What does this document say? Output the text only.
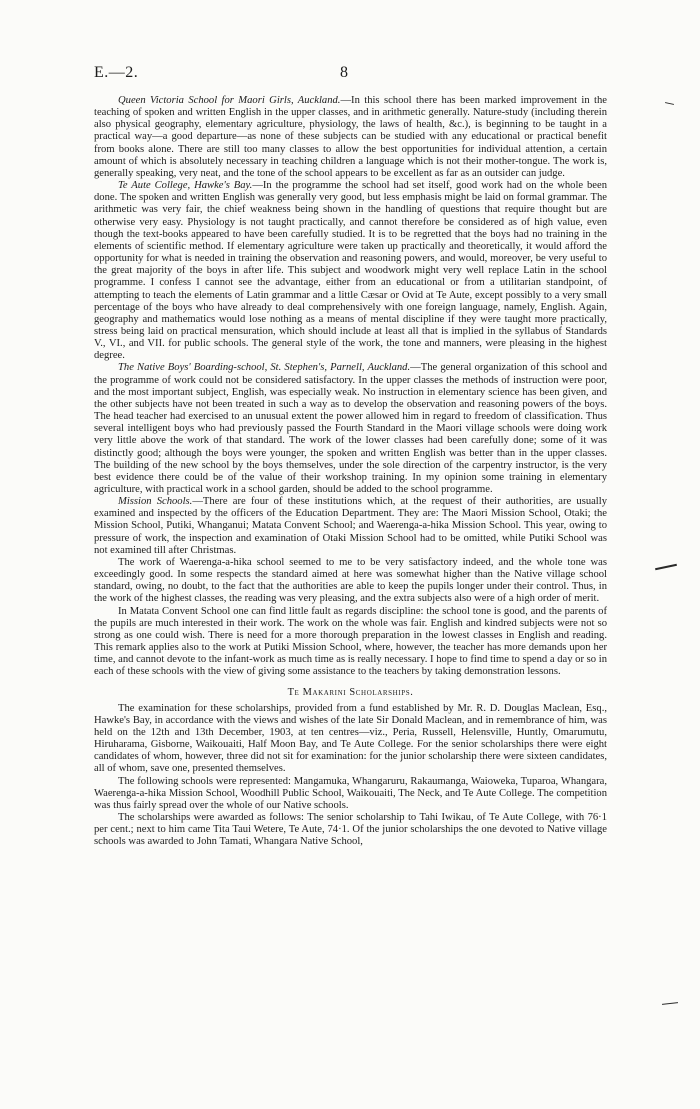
E.—2.	8

Queen Victoria School for Maori Girls, Auckland.—In this school there has been marked improvement in the teaching of spoken and written English in the upper classes, and in arithmetic generally. Nature-study (including therein also physical geography, elementary agriculture, physiology, the laws of health, &c.), is beginning to be taught in a practical way—a good departure—as none of these subjects can be studied with any educational or practical benefit from books alone. There are still too many classes to allow the best opportunities for individual attention, a certain amount of which is absolutely necessary in teaching children a language which is not their mother-tongue. The work is, generally speaking, very neat, and the tone of the school appears to be excellent as far as an outsider can judge.

Te Aute College, Hawke's Bay.—In the programme the school had set itself, good work had on the whole been done. The spoken and written English was generally very good, but less emphasis might be laid on formal grammar. The arithmetic was very fair, the chief weakness being shown in the handling of questions that require thought but are otherwise very easy. Physiology is not taught practically, and cannot therefore be considered as of high value, even though the text-books appeared to have been carefully studied. It is to be regretted that the boys had no training in the elements of scientific method. If elementary agriculture were taken up practically and theoretically, it would afford the opportunity for what is needed in training the observation and reasoning powers, and would, moreover, be very useful to the great majority of the boys in after life. This subject and woodwork might very well replace Latin in the school programme. I confess I cannot see the advantage, either from an educational or from a utilitarian standpoint, of attempting to teach the elements of Latin grammar and a little Cæsar or Ovid at Te Aute, except possibly to a very small percentage of the boys who have already to deal comprehensively with one foreign language, namely, English. Again, geography and mathematics would lose nothing as a means of mental discipline if they were taught more practically, stress being laid on practical mensuration, which should include at least all that is implied in the syllabus of Standards V., VI., and VII. for public schools. The general style of the work, the tone and manners, were pleasing in the highest degree.

The Native Boys' Boarding-school, St. Stephen's, Parnell, Auckland.—The general organization of this school and the programme of work could not be considered satisfactory. In the upper classes the methods of instruction were poor, and the most important subject, English, was especially weak. No instruction in elementary science has been given, and the other subjects have not been treated in such a way as to develop the observation and reasoning powers of the boys. The head teacher had exercised to an unusual extent the power allowed him in regard to freedom of classification. Thus several intelligent boys who had previously passed the Fourth Standard in the Maori village schools were doing work very little above the work of that standard. The work of the lower classes had been carefully done; some of it was distinctly good; although the boys were younger, the spoken and written English was better than in the upper classes. The building of the new school by the boys themselves, under the sole direction of the carpentry instructor, is the very best evidence there could be of the value of their workshop training. In my opinion some training in elementary agriculture, with practical work in a school garden, should be added to the school programme.

Mission Schools.—There are four of these institutions which, at the request of their authorities, are usually examined and inspected by the officers of the Education Department. They are: The Maori Mission School, Otaki; the Mission School, Putiki, Whanganui; Matata Convent School; and Waerenga-a-hika Mission School. This year, owing to pressure of work, the inspection and examination of Otaki Mission School had to be omitted, while Putiki School was not examined till after Christmas.

The work of Waerenga-a-hika school seemed to me to be very satisfactory indeed, and the whole tone was exceedingly good. In some respects the standard aimed at here was somewhat higher than the Native village school standard, owing, no doubt, to the fact that the authorities are able to keep the pupils longer under their control. Thus, in the work of the highest classes, the reading was very pleasing, and the extra subjects also were of a high order of merit.

In Matata Convent School one can find little fault as regards discipline: the school tone is good, and the parents of the pupils are much interested in their work. The work on the whole was fair. English and kindred subjects were not so strong as one could wish. There is need for a more thorough preparation in the lowest classes in English and reading. This remark applies also to the work at Putiki Mission School, where, however, the teacher has more demands upon her time, and cannot devote to the infant-work as much time as is really necessary. I hope to find time to spend a day or so in each of these schools with the view of giving some assistance to the teachers by taking demonstration lessons.

Te Makarini Scholarships.

The examination for these scholarships, provided from a fund established by Mr. R. D. Douglas Maclean, Esq., Hawke's Bay, in accordance with the views and wishes of the late Sir Donald Maclean, and in remembrance of him, was held on the 12th and 13th December, 1903, at ten centres—viz., Peria, Russell, Helensville, Huntly, Omarumutu, Hiruharama, Gisborne, Waikouaiti, Half Moon Bay, and Te Aute College. For the senior scholarships there were eight candidates of whom, however, three did not sit for examination: for the junior scholarship there were sixteen candidates, all of whom, save one, presented themselves.

The following schools were represented: Mangamuka, Whangaruru, Rakaumanga, Waioweka, Tuparoa, Whangara, Waerenga-a-hika Mission School, Woodhill Public School, Waikouaiti, The Neck, and Te Aute College. The competition was thus fairly spread over the whole of our Native schools.

The scholarships were awarded as follows: The senior scholarship to Tahi Iwikau, of Te Aute College, with 76·1 per cent.; next to him came Tita Taui Wetere, Te Aute, 74·1. Of the junior scholarships the one devoted to Native village schools was awarded to John Tamati, Whangara Native School,
